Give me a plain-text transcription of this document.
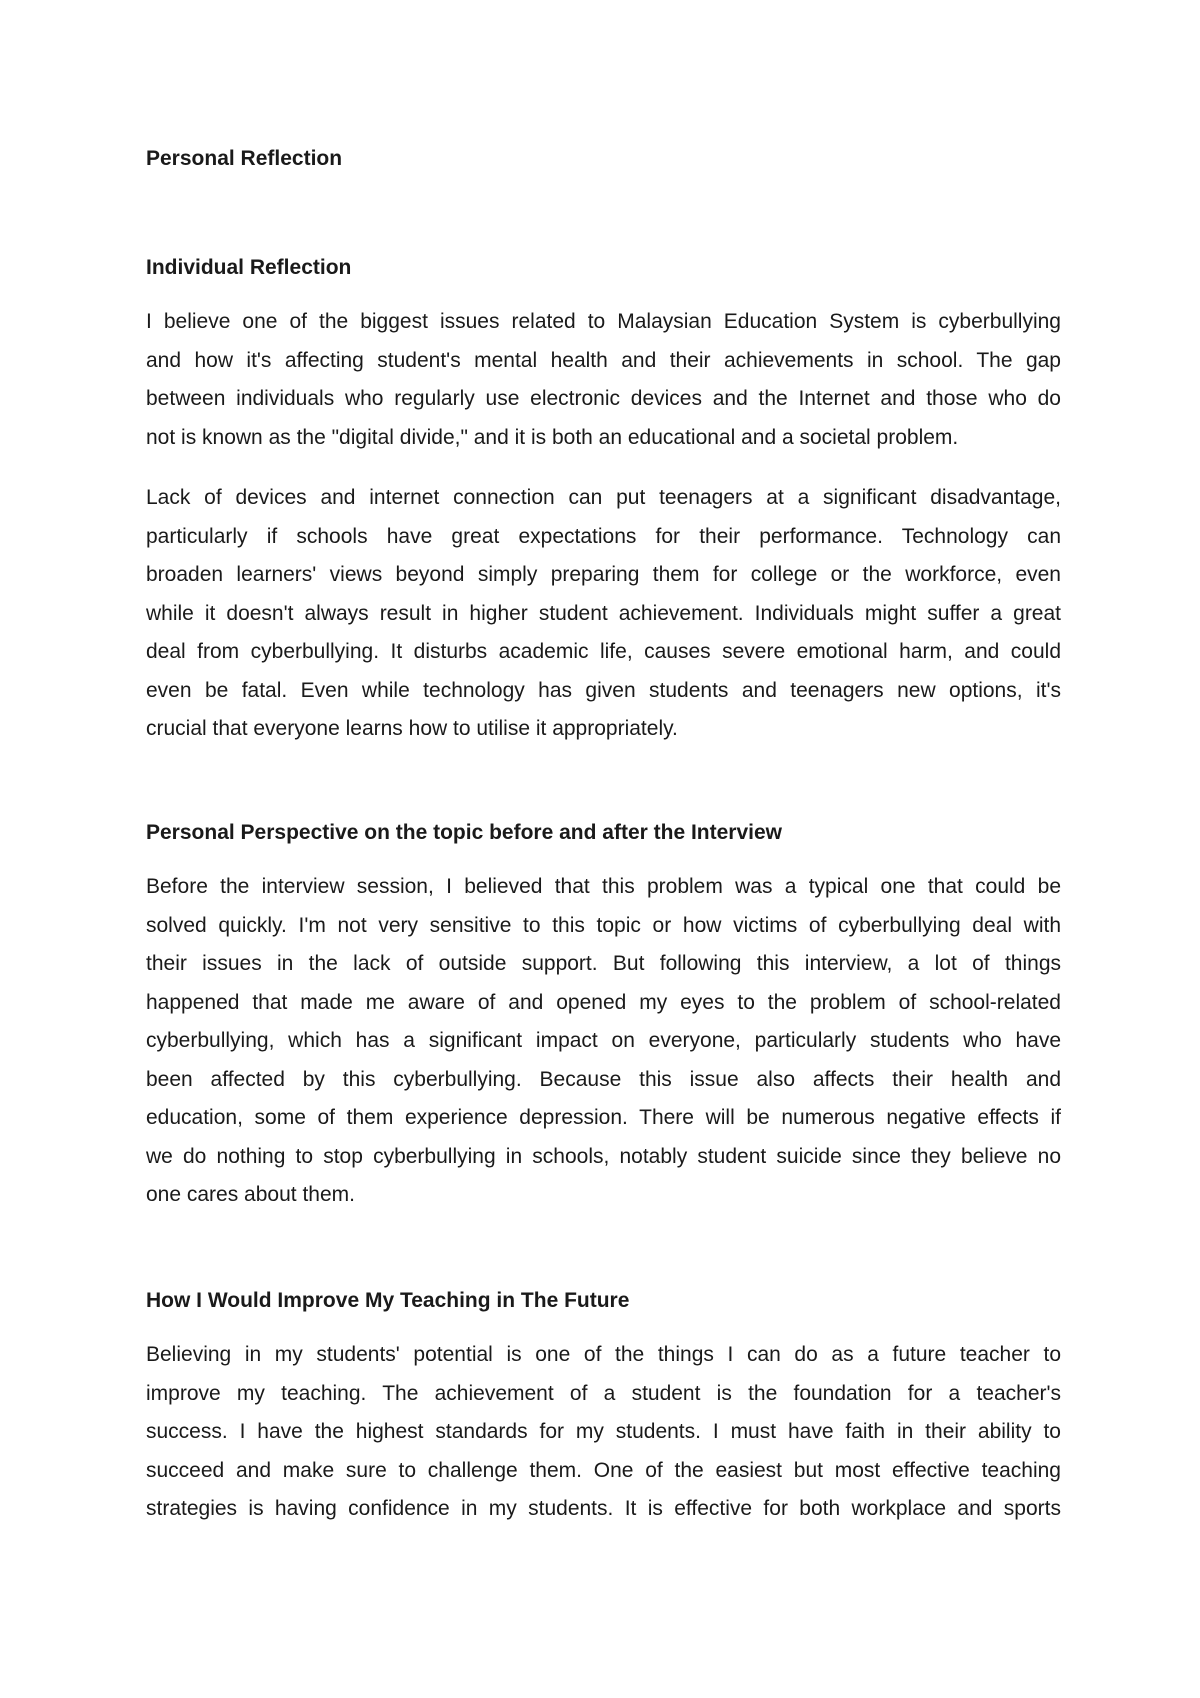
Personal Reflection
Individual Reflection
I believe one of the biggest issues related to Malaysian Education System is cyberbullying
and how it's affecting student's mental health and their achievements in school. The gap
between individuals who regularly use electronic devices and the Internet and those who do
not is known as the "digital divide," and it is both an educational and a societal problem.
Lack of devices and internet connection can put teenagers at a significant disadvantage,
particularly if schools have great expectations for their performance. Technology can
broaden learners' views beyond simply preparing them for college or the workforce, even
while it doesn't always result in higher student achievement. Individuals might suffer a great
deal from cyberbullying. It disturbs academic life, causes severe emotional harm, and could
even be fatal. Even while technology has given students and teenagers new options, it's
crucial that everyone learns how to utilise it appropriately.
Personal Perspective on the topic before and after the Interview
Before the interview session, I believed that this problem was a typical one that could be
solved quickly. I'm not very sensitive to this topic or how victims of cyberbullying deal with
their issues in the lack of outside support. But following this interview, a lot of things
happened that made me aware of and opened my eyes to the problem of school-related
cyberbullying, which has a significant impact on everyone, particularly students who have
been affected by this cyberbullying. Because this issue also affects their health and
education, some of them experience depression. There will be numerous negative effects if
we do nothing to stop cyberbullying in schools, notably student suicide since they believe no
one cares about them.
How I Would Improve My Teaching in The Future
Believing in my students' potential is one of the things I can do as a future teacher to
improve my teaching. The achievement of a student is the foundation for a teacher's
success. I have the highest standards for my students. I must have faith in their ability to
succeed and make sure to challenge them. One of the easiest but most effective teaching
strategies is having confidence in my students. It is effective for both workplace and sports
